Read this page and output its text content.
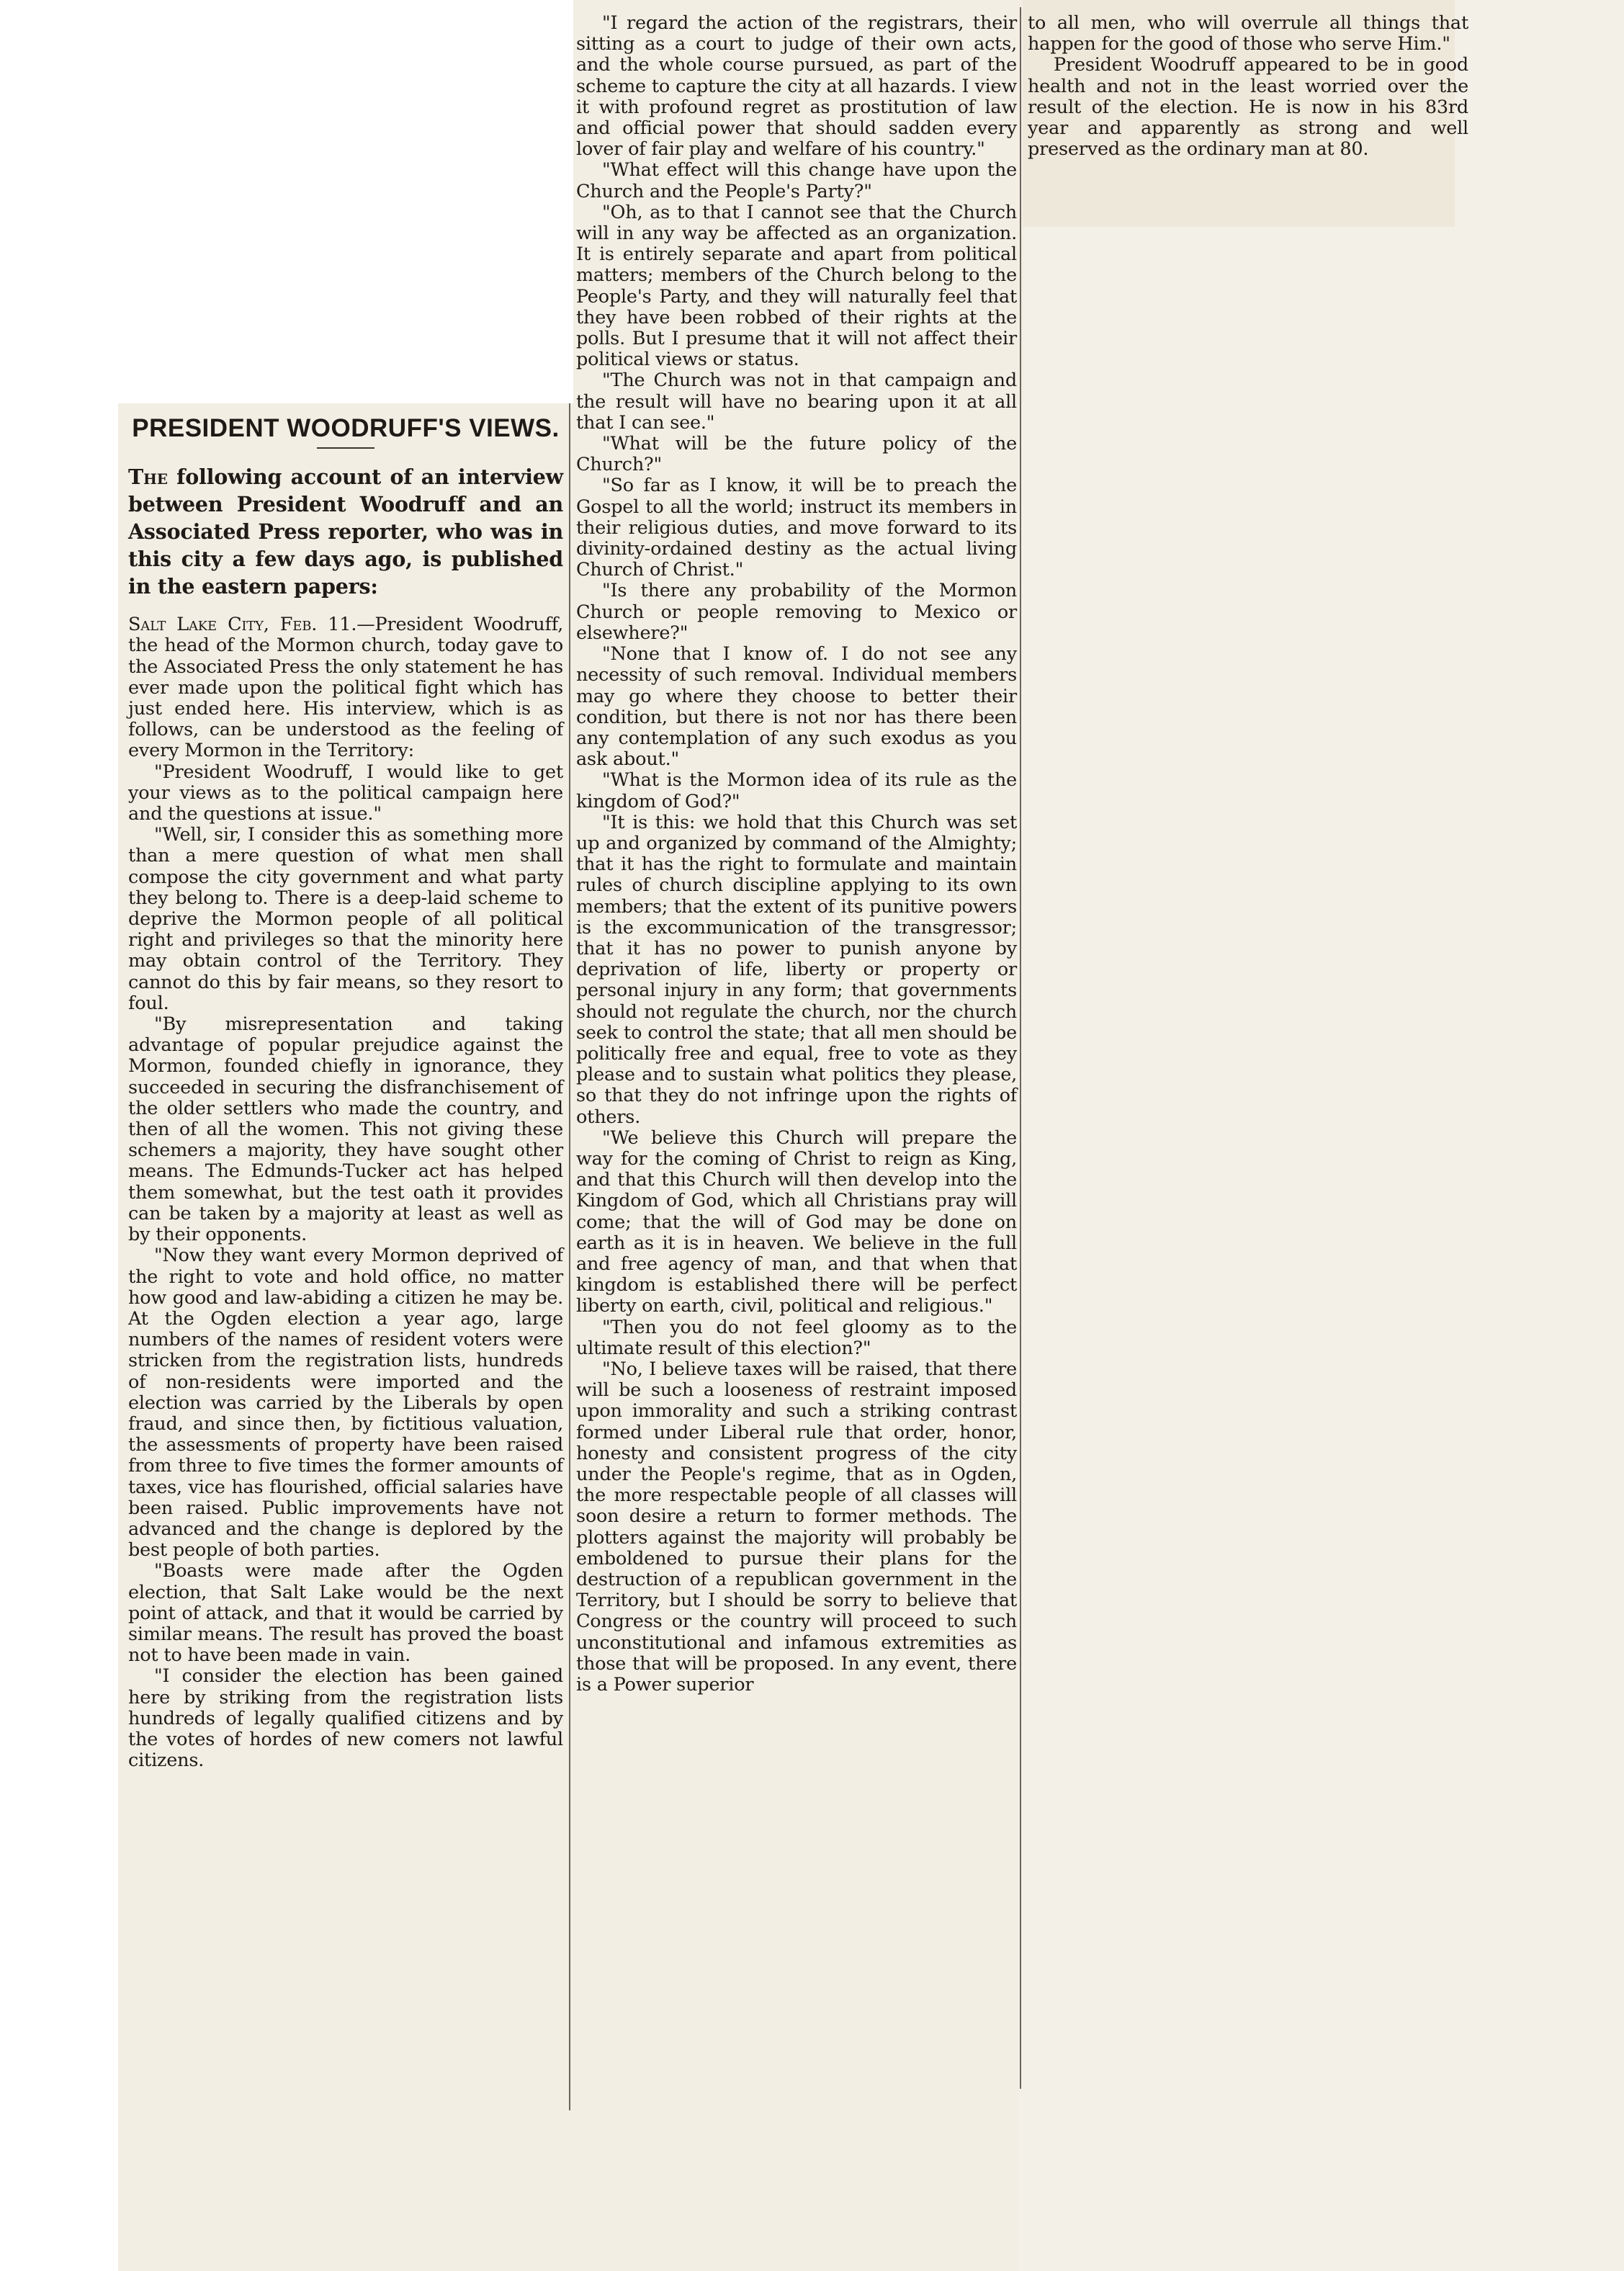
PRESIDENT WOODRUFF'S VIEWS.
The following account of an interview between President Woodruff and an Associated Press reporter, who was in this city a few days ago, is published in the eastern papers:

Salt Lake City, Feb. 11.—President Woodruff, the head of the Mormon church, today gave to the Associated Press the only statement he has ever made upon the political fight which has just ended here. His interview, which is as follows, can be understood as the feeling of every Mormon in the Territory:

"President Woodruff, I would like to get your views as to the political campaign here and the questions at issue."

"Well, sir, I consider this as something more than a mere question of what men shall compose the city government and what party they belong to. There is a deep-laid scheme to deprive the Mormon people of all political right and privileges so that the minority here may obtain control of the Territory. They cannot do this by fair means, so they resort to foul.

"By misrepresentation and taking advantage of popular prejudice against the Mormon, founded chiefly in ignorance, they succeeded in securing the disfranchisement of the older settlers who made the country, and then of all the women. This not giving these schemers a majority, they have sought other means. The Edmunds-Tucker act has helped them somewhat, but the test oath it provides can be taken by a majority at least as well as by their opponents.

"Now they want every Mormon deprived of the right to vote and hold office, no matter how good and law-abiding a citizen he may be. At the Ogden election a year ago, large numbers of the names of resident voters were stricken from the registration lists, hundreds of non-residents were imported and the election was carried by the Liberals by open fraud, and since then, by fictitious valuation, the assessments of property have been raised from three to five times the former amounts of taxes, vice has flourished, official salaries have been raised. Public improvements have not advanced and the change is deplored by the best people of both parties.

"Boasts were made after the Ogden election, that Salt Lake would be the next point of attack, and that it would be carried by similar means. The result has proved the boast not to have been made in vain.

"I consider the election has been gained here by striking from the registration lists hundreds of legally qualified citizens and by the votes of hordes of new comers not lawful citizens.

"I regard the action of the registrars, their sitting as a court to judge of their own acts, and the whole course pursued, as part of the scheme to capture the city at all hazards. I view it with profound regret as prostitution of law and official power that should sadden every lover of fair play and welfare of his country."

"What effect will this change have upon the Church and the People's Party?"

"Oh, as to that I cannot see that the Church will in any way be affected as an organization. It is entirely separate and apart from political matters; members of the Church belong to the People's Party, and they will naturally feel that they have been robbed of their rights at the polls. But I presume that it will not affect their political views or status.

"The Church was not in that campaign and the result will have no bearing upon it at all that I can see."

"What will be the future policy of the Church?"

"So far as I know, it will be to preach the Gospel to all the world; instruct its members in their religious duties, and move forward to its divinity-ordained destiny as the actual living Church of Christ."

"Is there any probability of the Mormon Church or people removing to Mexico or elsewhere?"

"None that I know of. I do not see any necessity of such removal. Individual members may go where they choose to better their condition, but there is not nor has there been any contemplation of any such exodus as you ask about."

"What is the Mormon idea of its rule as the kingdom of God?"

"It is this: we hold that this Church was set up and organized by command of the Almighty; that it has the right to formulate and maintain rules of church discipline applying to its own members; that the extent of its punitive powers is the excommunication of the transgressor; that it has no power to punish anyone by deprivation of life, liberty or property or personal injury in any form; that governments should not regulate the church, nor the church seek to control the state; that all men should be politically free and equal, free to vote as they please and to sustain what politics they please, so that they do not infringe upon the rights of others.

"We believe this Church will prepare the way for the coming of Christ to reign as King, and that this Church will then develop into the Kingdom of God, which all Christians pray will come; that the will of God may be done on earth as it is in heaven. We believe in the full and free agency of man, and that when that kingdom is established there will be perfect liberty on earth, civil, political and religious."

"Then you do not feel gloomy as to the ultimate result of this election?"

"No, I believe taxes will be raised, that there will be such a looseness of restraint imposed upon immorality and such a striking contrast formed under Liberal rule that order, honor, honesty and consistent progress of the city under the People's regime, that as in Ogden, the more respectable people of all classes will soon desire a return to former methods. The plotters against the majority will probably be emboldened to pursue their plans for the destruction of a republican government in the Territory, but I should be sorry to believe that Congress or the country will proceed to such unconstitutional and infamous extremities as those that will be proposed. In any event, there is a Power superior

to all men, who will overrule all things that happen for the good of those who serve Him."

President Woodruff appeared to be in good health and not in the least worried over the result of the election. He is now in his 83rd year and apparently as strong and well preserved as the ordinary man at 80.
